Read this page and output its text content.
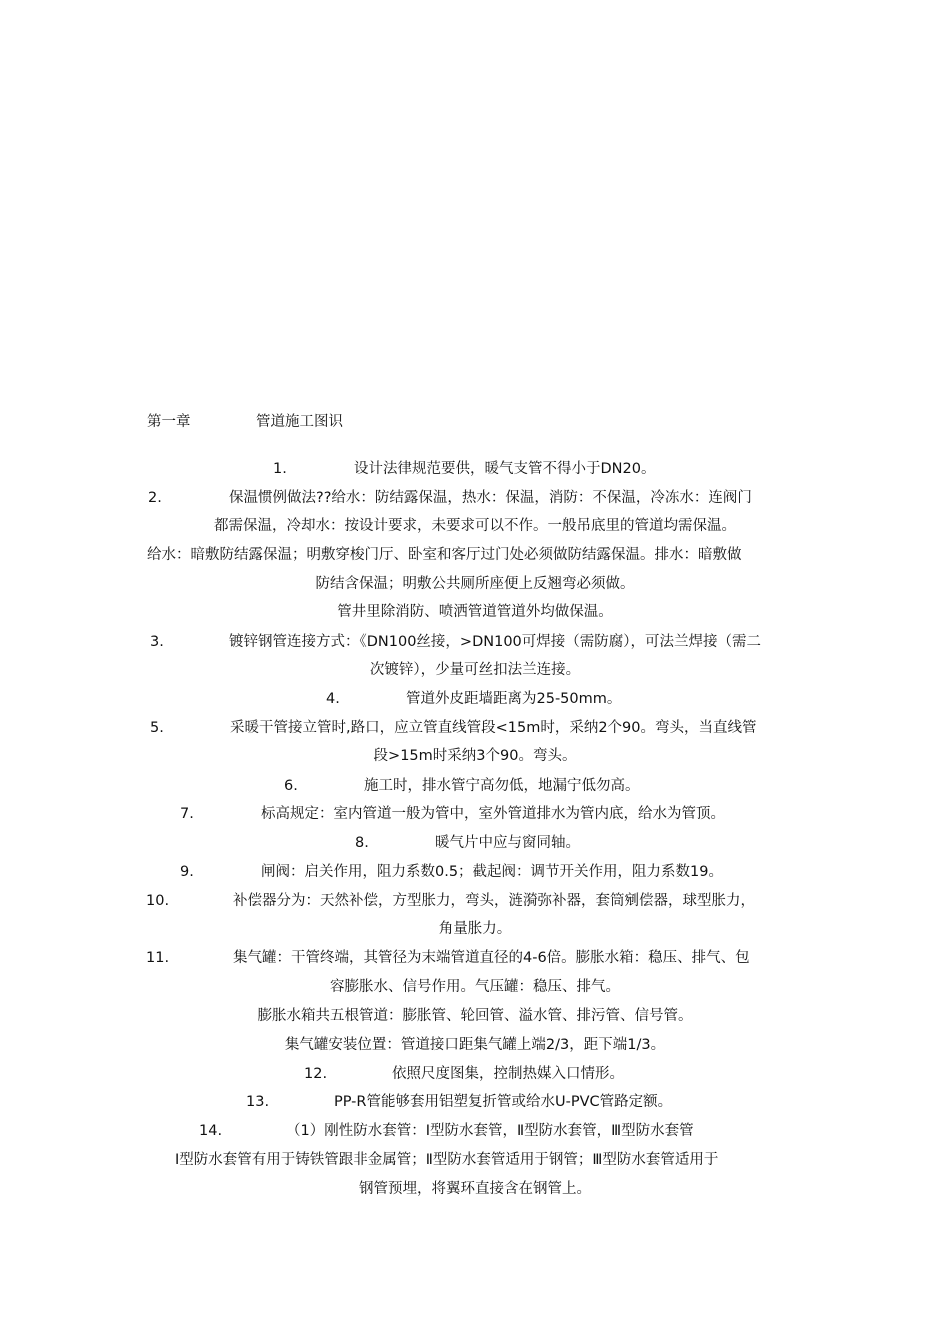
第一章	管道施工图识
1.	设计法律规范要供，暖气支管不得小于DN20。
2.	保温惯例做法??给水：防结露保温，热水：保温，消防：不保温，冷冻水：连阀门
都需保温，冷却水：按设计要求，未要求可以不作。一般吊底里的管道均需保温。
给水：暗敷防结露保温；明敷穿梭门厅、卧室和客厅过门处必须做防结露保温。排水：暗敷做
防结含保温；明敷公共厕所座便上反翘弯必须做。
管井里除消防、喷洒管道管道外均做保温。
3.	镀锌钢管连接方式：《DN100丝接，>DN100可焊接（需防腐），可法兰焊接（需二
次镀锌），少量可丝扣法兰连接。
4.	管道外皮距墙距离为25-50mm。
5.	采暖干管接立管时,路口，应立管直线管段<15m时，采纳2个90。弯头，当直线管
段>15m时采纳3个90。弯头。
6.	施工时，排水管宁高勿低，地漏宁低勿高。
7.	标高规定：室内管道一般为管中，室外管道排水为管内底，给水为管顶。
8.	暖气片中应与窗同轴。
9.	闸阀：启关作用，阻力系数0.5；截起阀：调节开关作用，阻力系数19。
10.	补偿器分为：天然补偿，方型胀力，弯头，涟漪弥补器，套筒剜偿器，球型胀力，
角量胀力。
11.	集气罐：干管终端，其管径为末端管道直径的4-6倍。膨胀水箱：稳压、排气、包
容膨胀水、信号作用。气压罐：稳压、排气。
膨胀水箱共五根管道：膨胀管、轮回管、溢水管、排污管、信号管。
集气罐安装位置：管道接口距集气罐上端2/3，距下端1/3。
12.	依照尺度图集，控制热媒入口情形。
13.	PP-R管能够套用铝塑复折管或给水U-PVC管路定额。
14.	（1）刚性防水套管：Ⅰ型防水套管，Ⅱ型防水套管，Ⅲ型防水套管
Ⅰ型防水套管有用于铸铁管跟非金属管；Ⅱ型防水套管适用于钢管；Ⅲ型防水套管适用于
钢管预埋，将翼环直接含在钢管上。
